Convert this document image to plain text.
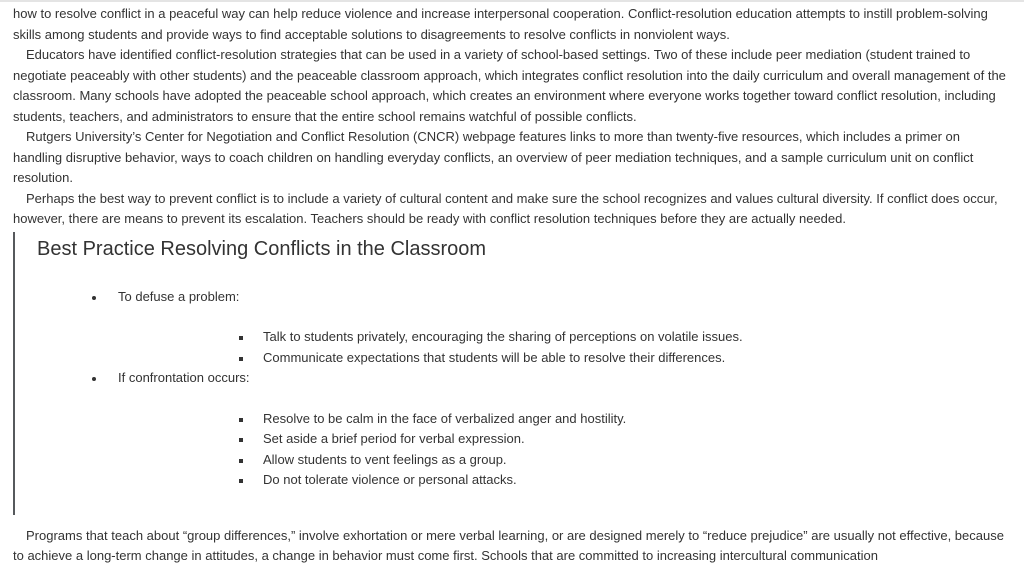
how to resolve conflict in a peaceful way can help reduce violence and increase interpersonal cooperation. Conflict-resolution education attempts to instill problem-solving skills among students and provide ways to find acceptable solutions to disagreements to resolve conflicts in nonviolent ways.

Educators have identified conflict-resolution strategies that can be used in a variety of school-based settings. Two of these include peer mediation (student trained to negotiate peaceably with other students) and the peaceable classroom approach, which integrates conflict resolution into the daily curriculum and overall management of the classroom. Many schools have adopted the peaceable school approach, which creates an environment where everyone works together toward conflict resolution, including students, teachers, and administrators to ensure that the entire school remains watchful of possible conflicts.

Rutgers University’s Center for Negotiation and Conflict Resolution (CNCR) webpage features links to more than twenty-five resources, which includes a primer on handling disruptive behavior, ways to coach children on handling everyday conflicts, an overview of peer mediation techniques, and a sample curriculum unit on conflict resolution.

Perhaps the best way to prevent conflict is to include a variety of cultural content and make sure the school recognizes and values cultural diversity. If conflict does occur, however, there are means to prevent its escalation. Teachers should be ready with conflict resolution techniques before they are actually needed.

Best Practice Resolving Conflicts in the Classroom
To defuse a problem:
Talk to students privately, encouraging the sharing of perceptions on volatile issues.
Communicate expectations that students will be able to resolve their differences.
If confrontation occurs:
Resolve to be calm in the face of verbalized anger and hostility.
Set aside a brief period for verbal expression.
Allow students to vent feelings as a group.
Do not tolerate violence or personal attacks.

Programs that teach about “group differences,” involve exhortation or mere verbal learning, or are designed merely to “reduce prejudice” are usually not effective, because to achieve a long-term change in attitudes, a change in behavior must come first. Schools that are committed to increasing intercultural communication
